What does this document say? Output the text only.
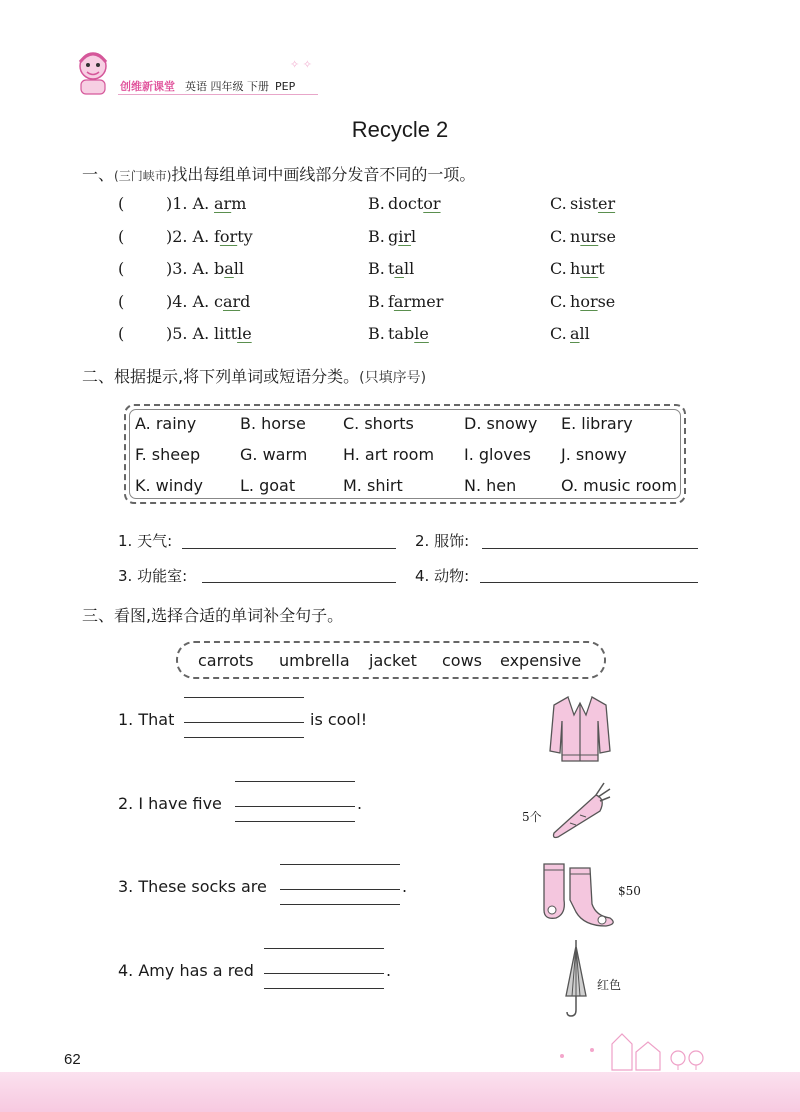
✧ ✧
创维新课堂 英语 四年级 下册 PEP
Recycle 2
一、(三门峡市)找出每组单词中画线部分发音不同的一项。
(	)1. A. arm	B. doctor	C. sister
(	)2. A. forty	B. girl	C. nurse
(	)3. A. ball	B. tall	C. hurt
(	)4. A. card	B. farmer	C. horse
(	)5. A. little	B. table	C. all
二、根据提示,将下列单词或短语分类。(只填序号)
A. rainy	B. horse C. shorts	D. snowy E. library
F. sheep G. warm H. art room I. gloves J. snowy
K. windy L. goat	M. shirt	N. hen	O. music room
1. 天气:	2. 服饰:
3. 功能室:	4. 动物:
三、看图,选择合适的单词补全句子。
carrots umbrella jacket cows expensive
1. That	is cool!
2. I have five	.
3. These socks are	.
4. Amy has a red	.
5个
$50
红色
62
